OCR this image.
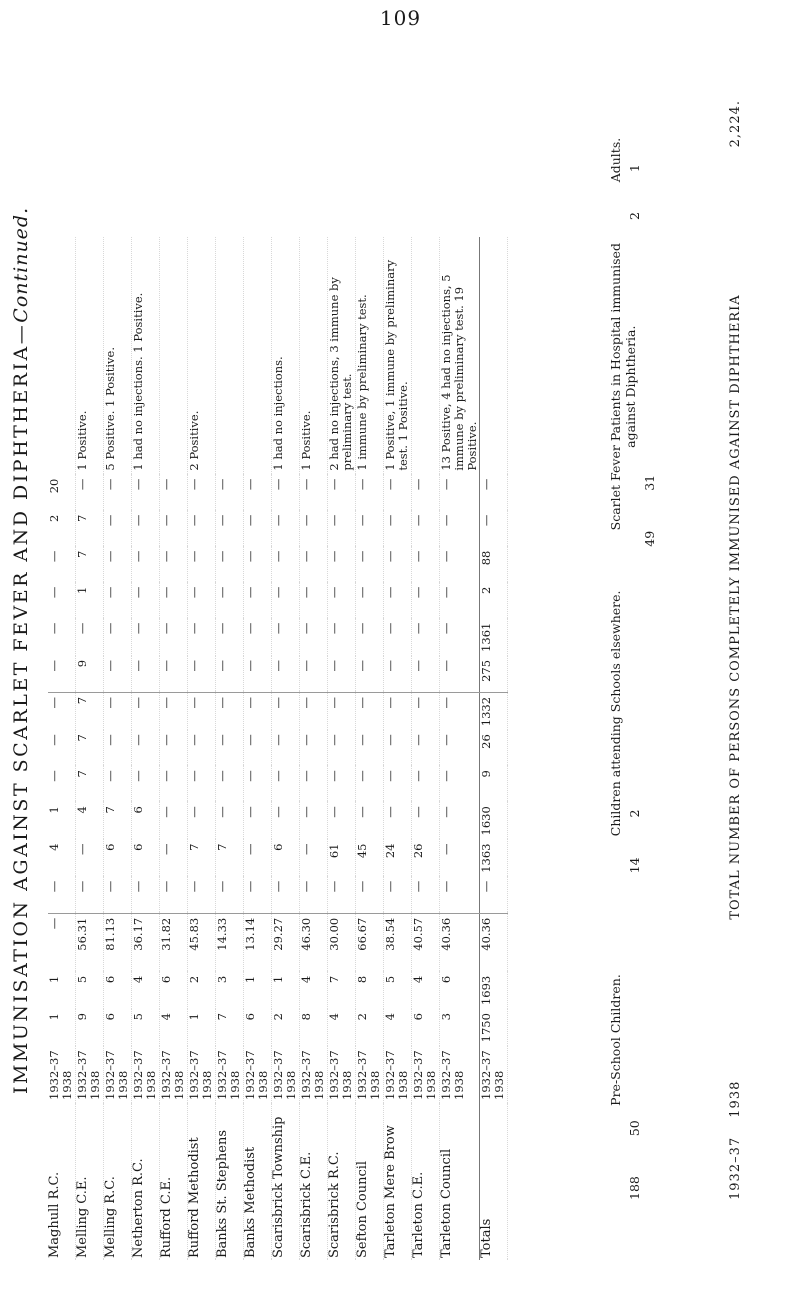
109
IMMUNISATION AGAINST SCARLET FEVER AND DIPHTHERIA—Continued.
Maghull R.C.	1932–37 1938	1	1	—	—	4	1	—	—	—	—	—	—	—	2	20	
Melling C.E.	1932–37 1938	9	5	56.31	—	—	4	7	7	7	9	—	1	7	7	—	1 Positive.
Melling R.C.	1932–37 1938	6	6	81.13	—	6	7	—	—	—	—	—	—	—	—	—	5 Positive. 1 Positive.
Netherton R.C.	1932–37 1938	5	4	36.17	—	6	6	—	—	—	—	—	—	—	—	—	1 had no injections. 1 Positive.
Rufford C.E.	1932–37 1938	4	6	31.82	—	—	—	—	—	—	—	—	—	—	—	—	
Rufford Methodist	1932–37 1938	1	2	45.83	—	7	—	—	—	—	—	—	—	—	—	—	2 Positive.
Banks St. Stephens	1932–37 1938	7	3	14.33	—	7	—	—	—	—	—	—	—	—	—	—	
Banks Methodist	1932–37 1938	6	1	13.14	—	—	—	—	—	—	—	—	—	—	—	—	
Scarisbrick Township	1932–37 1938	2	1	29.27	—	6	—	—	—	—	—	—	—	—	—	—	1 had no injections.
Scarisbrick C.E.	1932–37 1938	8	4	46.30	—	—	—	—	—	—	—	—	—	—	—	—	1 Positive.
Scarisbrick R.C.	1932–37 1938	4	7	30.00	—	61	—	—	—	—	—	—	—	—	—	—	2 had no injections, 3 immune by preliminary test.
Sefton Council	1932–37 1938	2	8	66.67	—	45	—	—	—	—	—	—	—	—	—	—	1 immune by preliminary test.
Tarleton Mere Brow	1932–37 1938	4	5	38.54	—	24	—	—	—	—	—	—	—	—	—	—	1 Positive, 1 immune by preliminary test. 1 Positive.
Tarleton C.E.	1932–37 1938	6	4	40.57	—	26	—	—	—	—	—	—	—	—	—	—	
Tarleton Council	1932–37 1938	3	6	40.36	—	—	—	—	—	—	—	—	—	—	—	—	13 Positive, 4 had no injections, 5 immune by preliminary test. 19 Positive.
Totals	1932–37 1938	1750	1693	40.36	—	1363	1630	9	26	1332	275	1361	2	88	—	—	
Pre-School Children.
188
50
Children attending Schools elsewhere.
14
2
Scarlet Fever Patients in Hospital immunised against Diphtheria.
49
31
Adults.
2
1
1932–37 1938
TOTAL NUMBER OF PERSONS COMPLETELY IMMUNISED AGAINST DIPHTHERIA
2,224.
